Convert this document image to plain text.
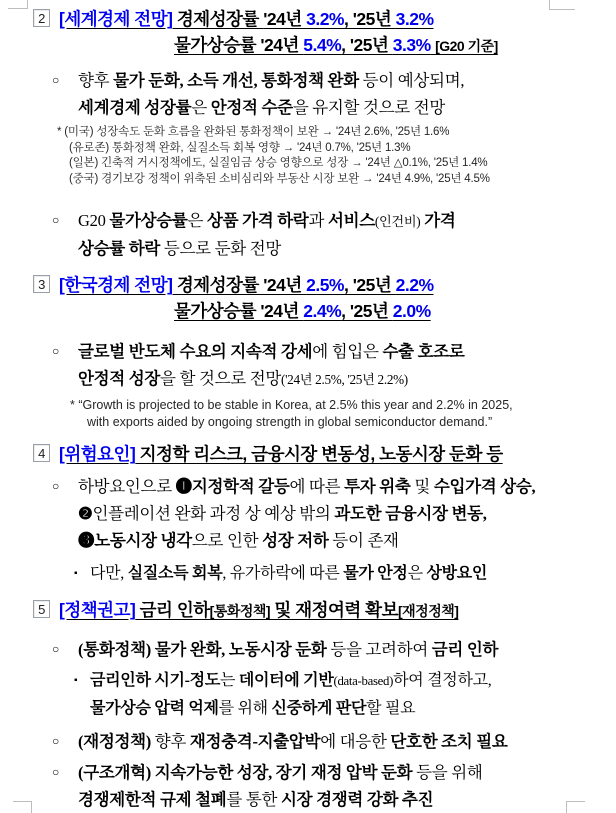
2 [세계경제 전망] 경제성장률 '24년 3.2%, '25년 3.2%
물가상승률 '24년 5.4%, '25년 3.3% [G20 기준]
○	향후 물가 둔화, 소득 개선, 통화정책 완화 등이 예상되며,
세계경제 성장률은 안정적 수준을 유지할 것으로 전망
* (미국) 성장속도 둔화 흐름을 완화된 통화정책이 보완 → '24년 2.6%, '25년 1.6%
(유로존) 통화정책 완화, 실질소득 회복 영향 → '24년 0.7%, '25년 1.3%
(일본) 긴축적 거시정책에도, 실질임금 상승 영향으로 성장 → '24년 △0.1%, '25년 1.4%
(중국) 경기보강 정책이 위축된 소비심리와 부동산 시장 보완 → '24년 4.9%, '25년 4.5%
○	G20 물가상승률은 상품 가격 하락과 서비스(인건비) 가격
상승률 하락 등으로 둔화 전망
3 [한국경제 전망] 경제성장률 '24년 2.5%, '25년 2.2%
물가상승률 '24년 2.4%, '25년 2.0%
○	글로벌 반도체 수요의 지속적 강세에 힘입은 수출 호조로
안정적 성장을 할 것으로 전망('24년 2.5%, '25년 2.2%)
* “Growth is projected to be stable in Korea, at 2.5% this year and 2.2% in 2025,
with exports aided by ongoing strength in global semiconductor demand.”
4 [위험요인] 지정학 리스크, 금융시장 변동성, 노동시장 둔화 등
○	하방요인으로 ❶지정학적 갈등에 따른 투자 위축 및 수입가격 상승,
❷인플레이션 완화 과정 상 예상 밖의 과도한 금융시장 변동,
❸노동시장 냉각으로 인한 성장 저하 등이 존재
▪ 다만, 실질소득 회복, 유가하락에 따른 물가 안정은 상방요인
5 [정책권고] 금리 인하[통화정책] 및 재정여력 확보[재정정책]
○	(통화정책) 물가 완화, 노동시장 둔화 등을 고려하여 금리 인하
▪ 금리인하 시기-정도는 데이터에 기반(data-based)하여 결정하고,
물가상승 압력 억제를 위해 신중하게 판단할 필요
○	(재정정책) 향후 재정충격-지출압박에 대응한 단호한 조치 필요
○	(구조개혁) 지속가능한 성장, 장기 재정 압박 둔화 등을 위해
경쟁제한적 규제 철폐를 통한 시장 경쟁력 강화 추진
